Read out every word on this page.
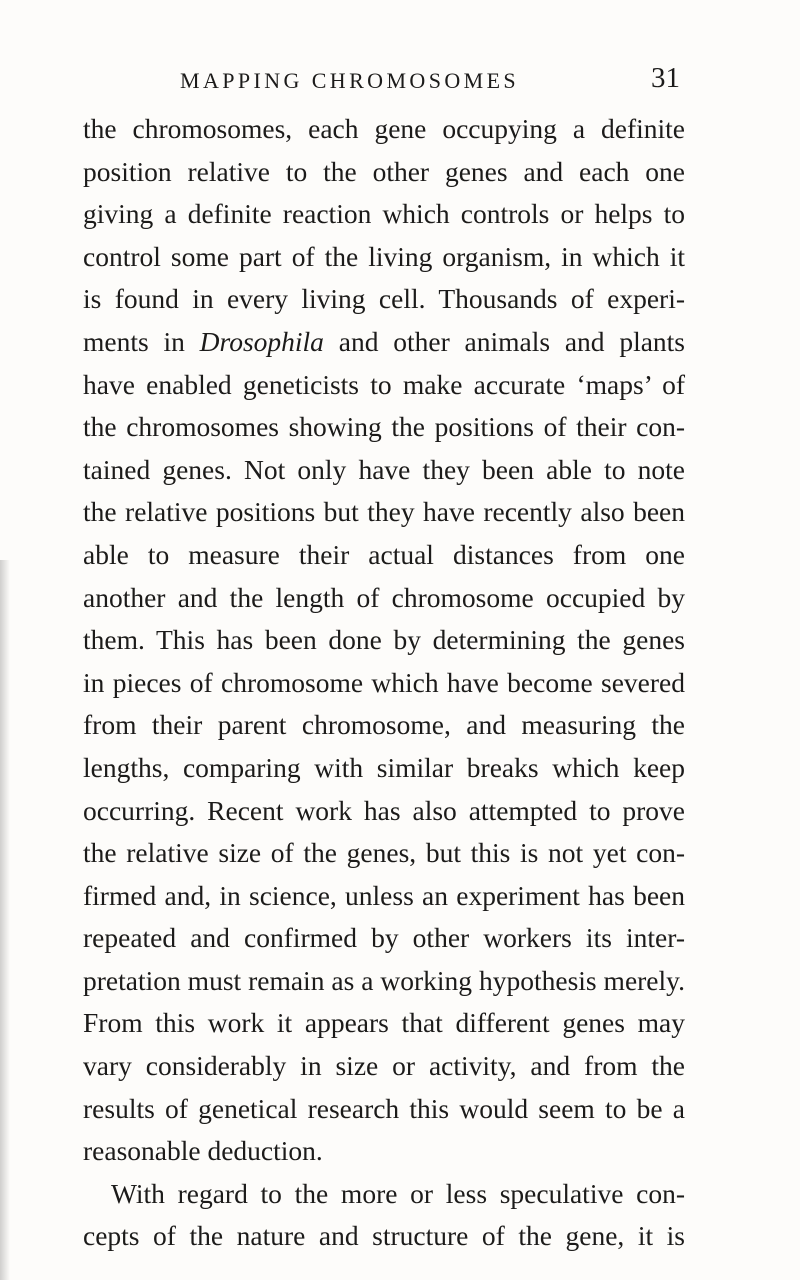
MAPPING CHROMOSOMES	31
the chromosomes, each gene occupying a definite
position relative to the other genes and each one
giving a definite reaction which controls or helps to
control some part of the living organism, in which it
is found in every living cell. Thousands of experi-
ments in Drosophila and other animals and plants
have enabled geneticists to make accurate ‘maps’ of
the chromosomes showing the positions of their con-
tained genes. Not only have they been able to note
the relative positions but they have recently also been
able to measure their actual distances from one
another and the length of chromosome occupied by
them. This has been done by determining the genes
in pieces of chromosome which have become severed
from their parent chromosome, and measuring the
lengths, comparing with similar breaks which keep
occurring. Recent work has also attempted to prove
the relative size of the genes, but this is not yet con-
firmed and, in science, unless an experiment has been
repeated and confirmed by other workers its inter-
pretation must remain as a working hypothesis merely.
From this work it appears that different genes may
vary considerably in size or activity, and from the
results of genetical research this would seem to be a
reasonable deduction.
With regard to the more or less speculative con-
cepts of the nature and structure of the gene, it is
